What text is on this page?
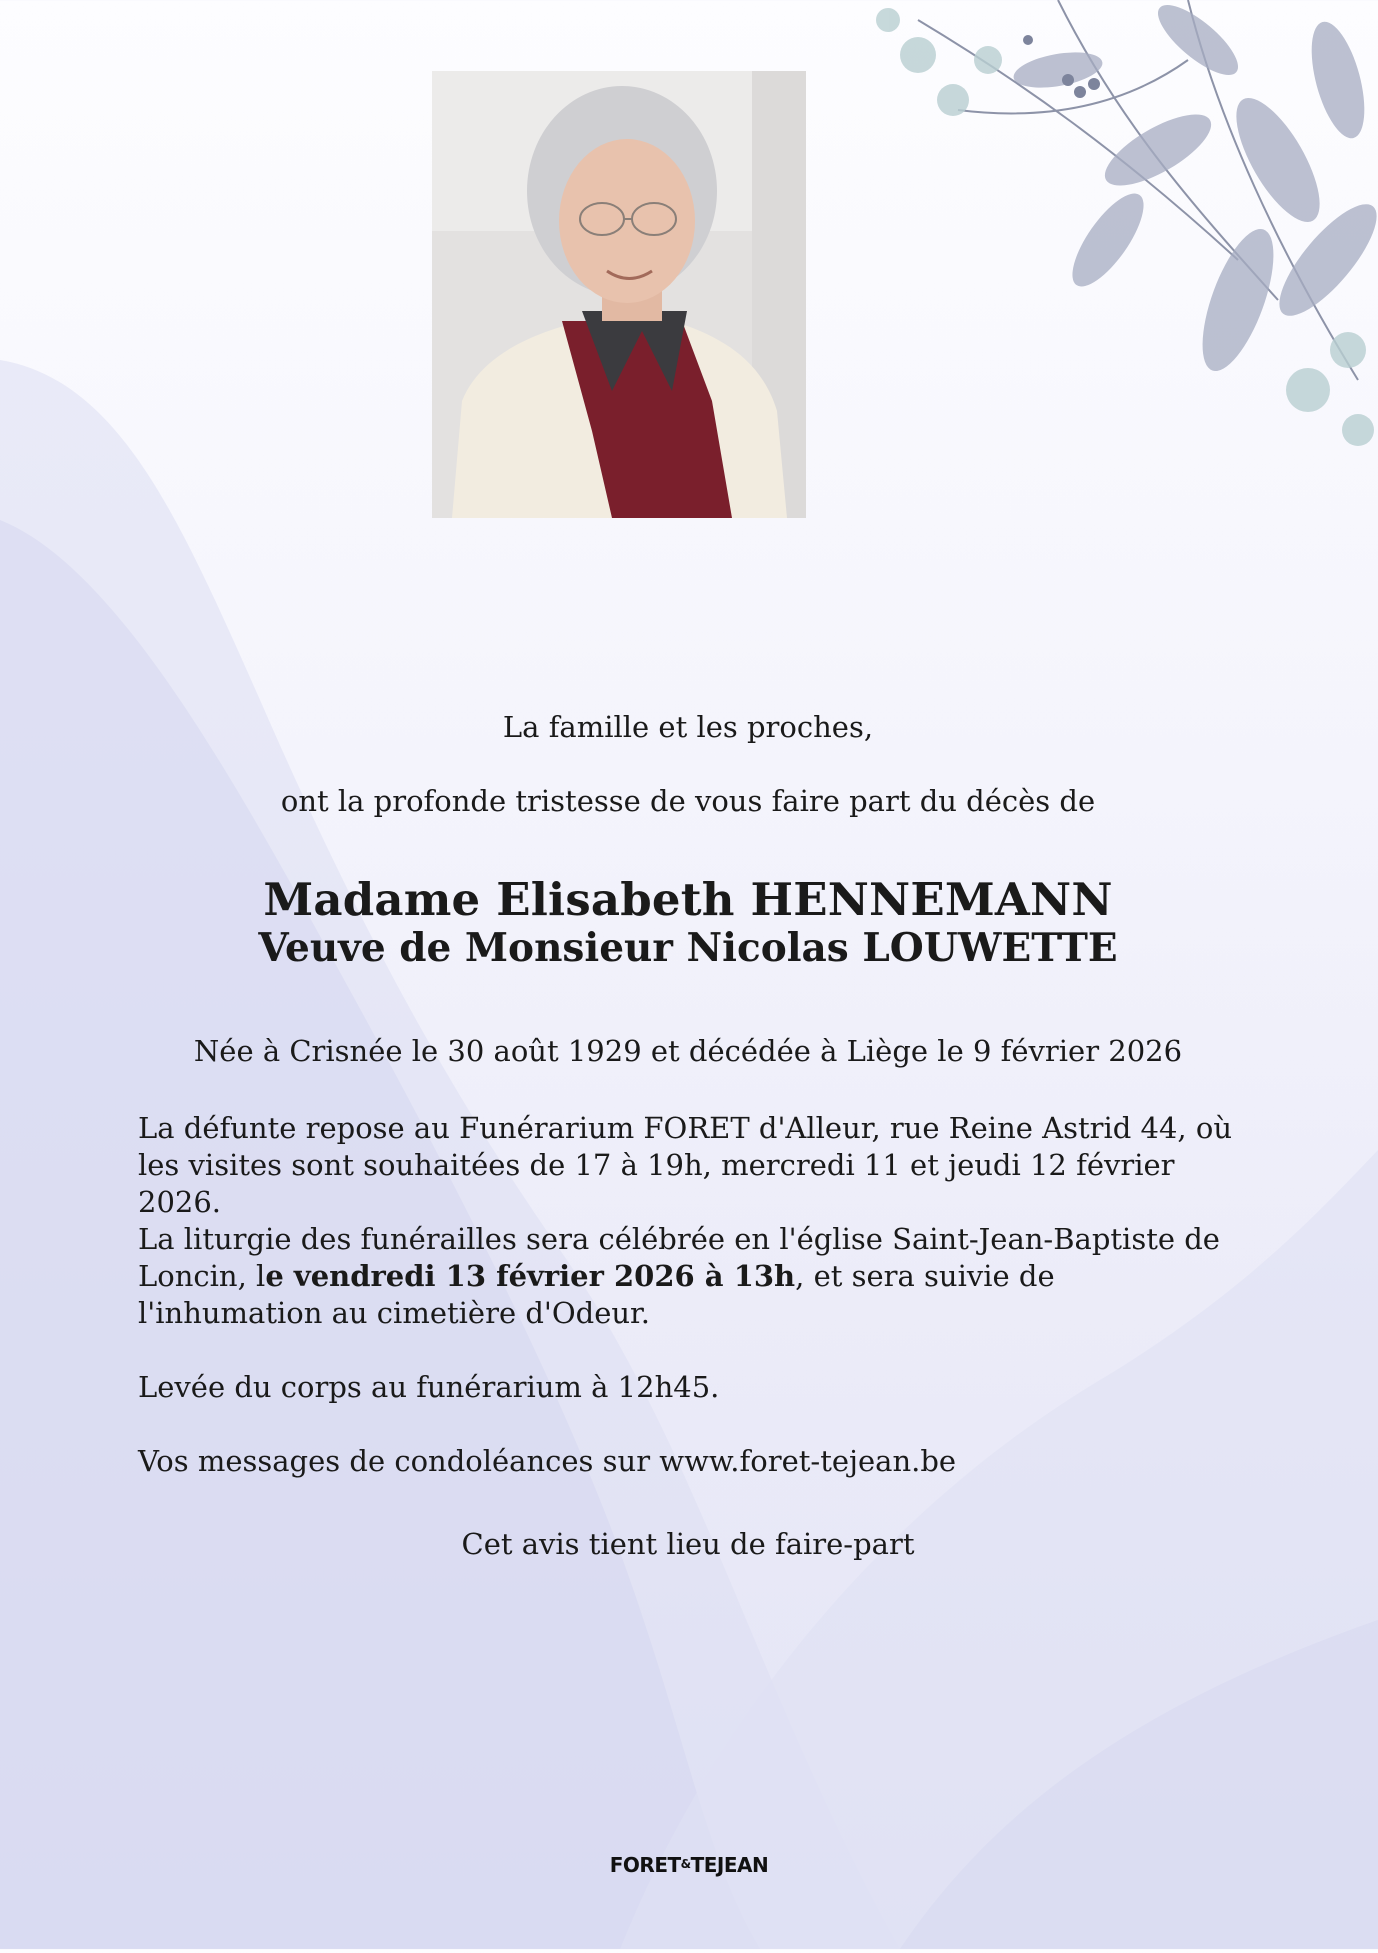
La famille et les proches,
ont la profonde tristesse de vous faire part du décès de
Madame Elisabeth HENNEMANN
Veuve de Monsieur Nicolas LOUWETTE
Née à Crisnée le 30 août 1929 et décédée à Liège le 9 février 2026
La défunte repose au Funérarium FORET d'Alleur, rue Reine Astrid 44, où les visites sont souhaitées de 17 à 19h, mercredi 11 et jeudi 12 février 2026.
La liturgie des funérailles sera célébrée en l'église Saint-Jean-Baptiste de Loncin, le vendredi 13 février 2026 à 13h, et sera suivie de l'inhumation au cimetière d'Odeur.
Levée du corps au funérarium à 12h45.
Vos messages de condoléances sur www.foret-tejean.be
Cet avis tient lieu de faire-part
FORET&TEJEAN
